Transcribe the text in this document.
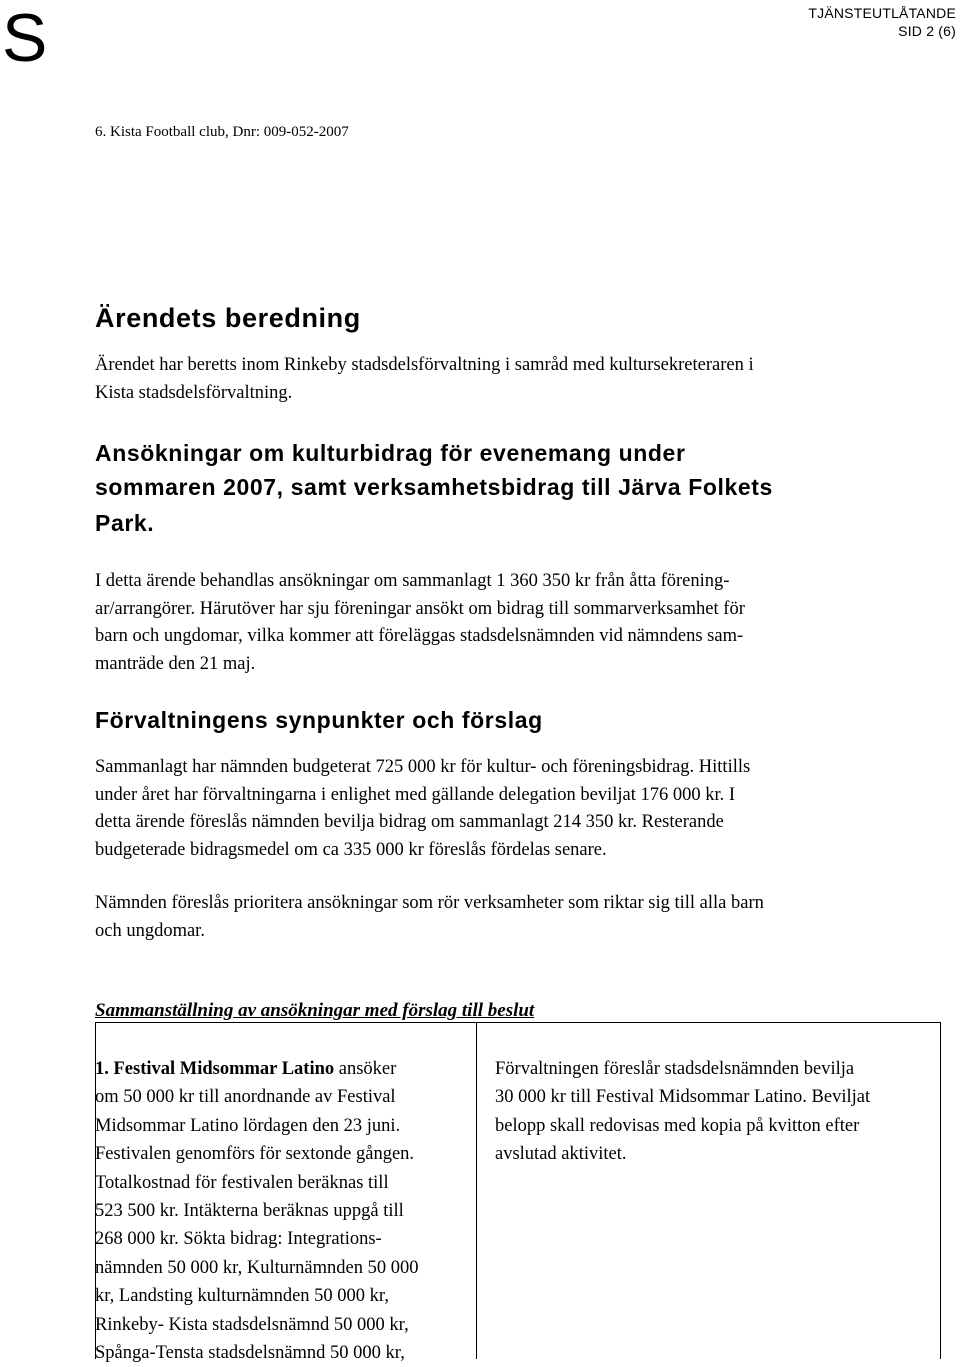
S	TJÄNSTEUTLÅTANDE
SID 2 (6)
6. Kista Football club, Dnr: 009-052-2007
Ärendets beredning
Ärendet har beretts inom Rinkeby stadsdelsförvaltning i samråd med kultursekreteraren i
Kista stadsdelsförvaltning.
Ansökningar om kulturbidrag för evenemang under
sommaren 2007, samt verksamhetsbidrag till Järva Folkets
Park.
I detta ärende behandlas ansökningar om sammanlagt 1 360 350 kr från åtta förening-
ar/arrangörer. Härutöver har sju föreningar ansökt om bidrag till sommarverksamhet för
barn och ungdomar, vilka kommer att föreläggas stadsdelsnämnden vid nämndens sam-
manträde den 21 maj.
Förvaltningens synpunkter och förslag
Sammanlagt har nämnden budgeterat 725 000 kr för kultur- och föreningsbidrag. Hittills
under året har förvaltningarna i enlighet med gällande delegation beviljat 176 000 kr. I
detta ärende föreslås nämnden bevilja bidrag om sammanlagt 214 350 kr. Resterande
budgeterade bidragsmedel om ca 335 000 kr föreslås fördelas senare.
Nämnden föreslås prioritera ansökningar som rör verksamheter som riktar sig till alla barn
och ungdomar.
Sammanställning av ansökningar med förslag till beslut
1. Festival Midsommar Latino ansöker
om 50 000 kr till anordnande av Festival
Midsommar Latino lördagen den 23 juni.
Festivalen genomförs för sextonde gången.
Totalkostnad för festivalen beräknas till
523 500 kr. Intäkterna beräknas uppgå till
268 000 kr. Sökta bidrag: Integrations-
nämnden 50 000 kr, Kulturnämnden 50 000
kr, Landsting kulturnämnden 50 000 kr,
Rinkeby- Kista stadsdelsnämnd 50 000 kr,
Spånga-Tensta stadsdelsnämnd 50 000 kr,
Förvaltningen föreslår stadsdelsnämnden bevilja
30 000 kr till Festival Midsommar Latino. Beviljat
belopp skall redovisas med kopia på kvitton efter
avslutad aktivitet.
